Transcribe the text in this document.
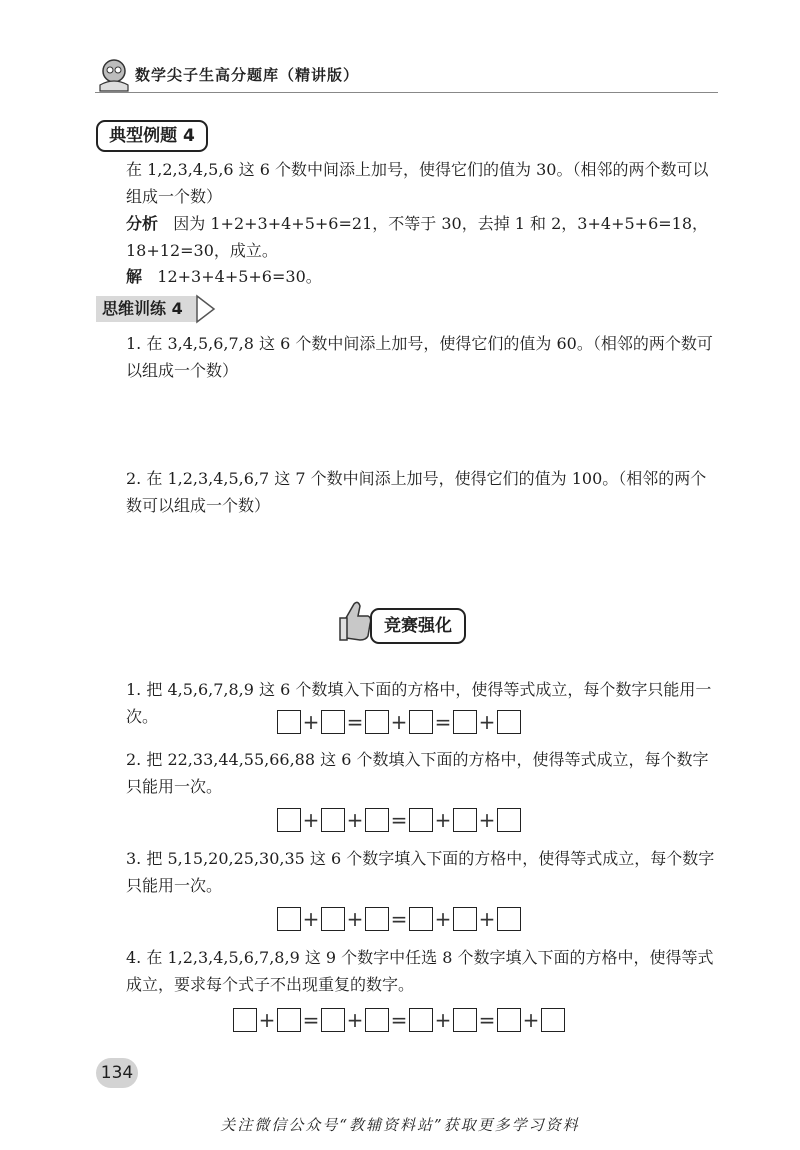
数学尖子生高分题库（精讲版）
典型例题 4
在 1,2,3,4,5,6 这 6 个数中间添上加号，使得它们的值为 30。（相邻的两个数可以组成一个数）
分析 因为 1+2+3+4+5+6=21，不等于 30，去掉 1 和 2，3+4+5+6=18，18+12=30，成立。
解 12+3+4+5+6=30。
思维训练 4
1. 在 3,4,5,6,7,8 这 6 个数中间添上加号，使得它们的值为 60。（相邻的两个数可以组成一个数）
2. 在 1,2,3,4,5,6,7 这 7 个数中间添上加号，使得它们的值为 100。（相邻的两个数可以组成一个数）
竞赛强化
1. 把 4,5,6,7,8,9 这 6 个数填入下面的方格中，使得等式成立，每个数字只能用一次。	+ = + = +
2. 把 22,33,44,55,66,88 这 6 个数填入下面的方格中，使得等式成立，每个数字只能用一次。
+ + = + +
3. 把 5,15,20,25,30,35 这 6 个数字填入下面的方格中，使得等式成立，每个数字只能用一次。
+ + = + +
4. 在 1,2,3,4,5,6,7,8,9 这 9 个数字中任选 8 个数字填入下面的方格中，使得等式成立，要求每个式子不出现重复的数字。
+ = + = + = +
134
关注微信公众号“教辅资料站”获取更多学习资料
